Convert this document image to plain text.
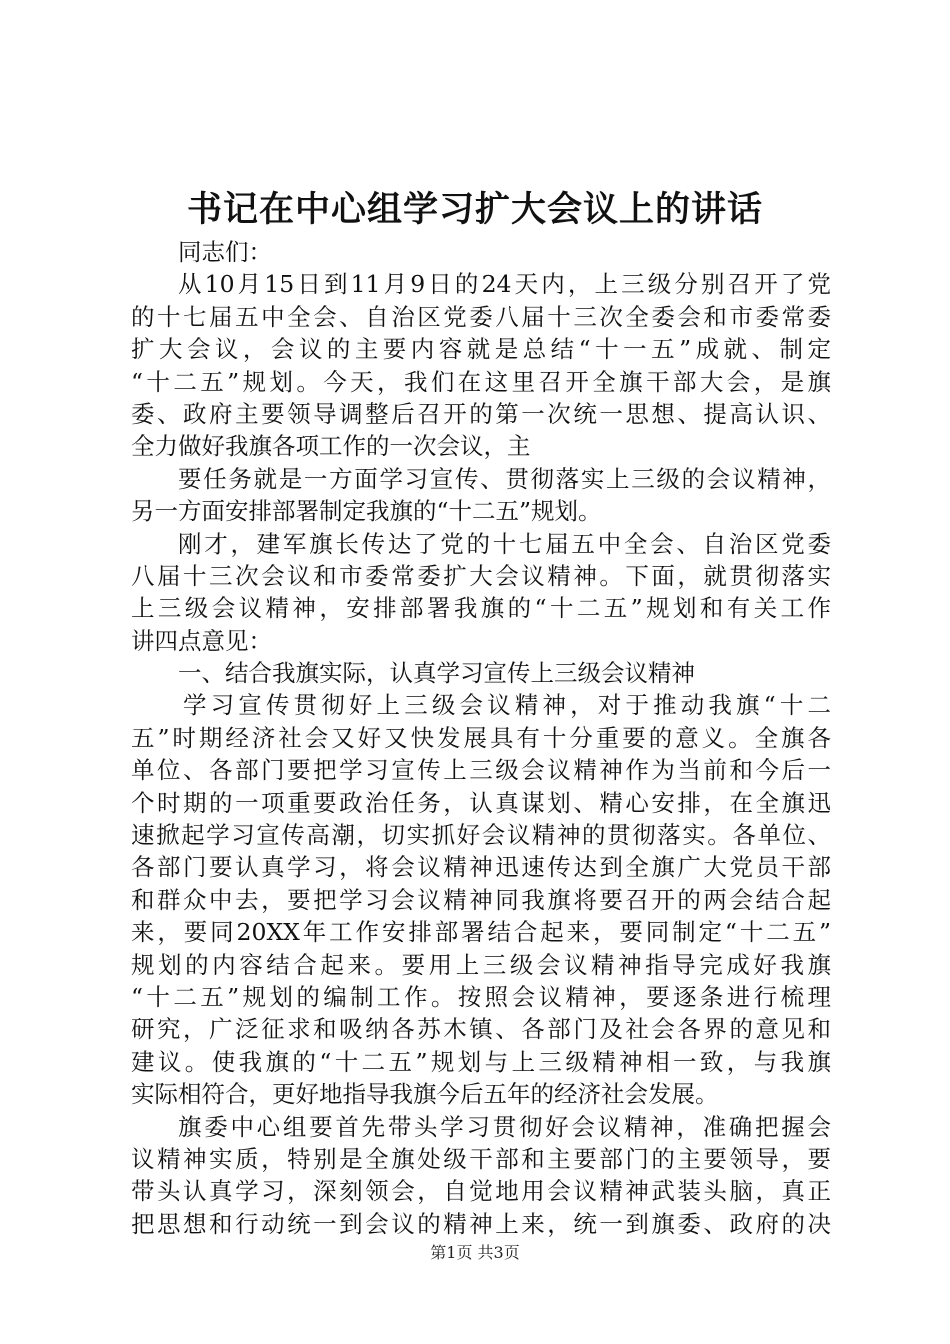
书记在中心组学习扩大会议上的讲话
同志们：
从10月15日到11月9日的24天内，上三级分别召开了党
的十七届五中全会、自治区党委八届十三次全委会和市委常委
扩大会议，会议的主要内容就是总结“十一五”成就、制定
“十二五”规划。今天，我们在这里召开全旗干部大会，是旗
委、政府主要领导调整后召开的第一次统一思想、提高认识、
全力做好我旗各项工作的一次会议，主
要任务就是一方面学习宣传、贯彻落实上三级的会议精神，
另一方面安排部署制定我旗的“十二五”规划。
刚才，建军旗长传达了党的十七届五中全会、自治区党委
八届十三次会议和市委常委扩大会议精神。下面，就贯彻落实
上三级会议精神，安排部署我旗的“十二五”规划和有关工作
讲四点意见：
一、结合我旗实际，认真学习宣传上三级会议精神
学习宣传贯彻好上三级会议精神，对于推动我旗“十二
五”时期经济社会又好又快发展具有十分重要的意义。全旗各
单位、各部门要把学习宣传上三级会议精神作为当前和今后一
个时期的一项重要政治任务，认真谋划、精心安排，在全旗迅
速掀起学习宣传高潮，切实抓好会议精神的贯彻落实。各单位、
各部门要认真学习，将会议精神迅速传达到全旗广大党员干部
和群众中去，要把学习会议精神同我旗将要召开的两会结合起
来，要同20XX年工作安排部署结合起来，要同制定“十二五”
规划的内容结合起来。要用上三级会议精神指导完成好我旗
“十二五”规划的编制工作。按照会议精神，要逐条进行梳理
研究，广泛征求和吸纳各苏木镇、各部门及社会各界的意见和
建议。使我旗的“十二五”规划与上三级精神相一致，与我旗
实际相符合，更好地指导我旗今后五年的经济社会发展。
旗委中心组要首先带头学习贯彻好会议精神，准确把握会
议精神实质，特别是全旗处级干部和主要部门的主要领导，要
带头认真学习，深刻领会，自觉地用会议精神武装头脑，真正
把思想和行动统一到会议的精神上来，统一到旗委、政府的决
第1页 共3页
